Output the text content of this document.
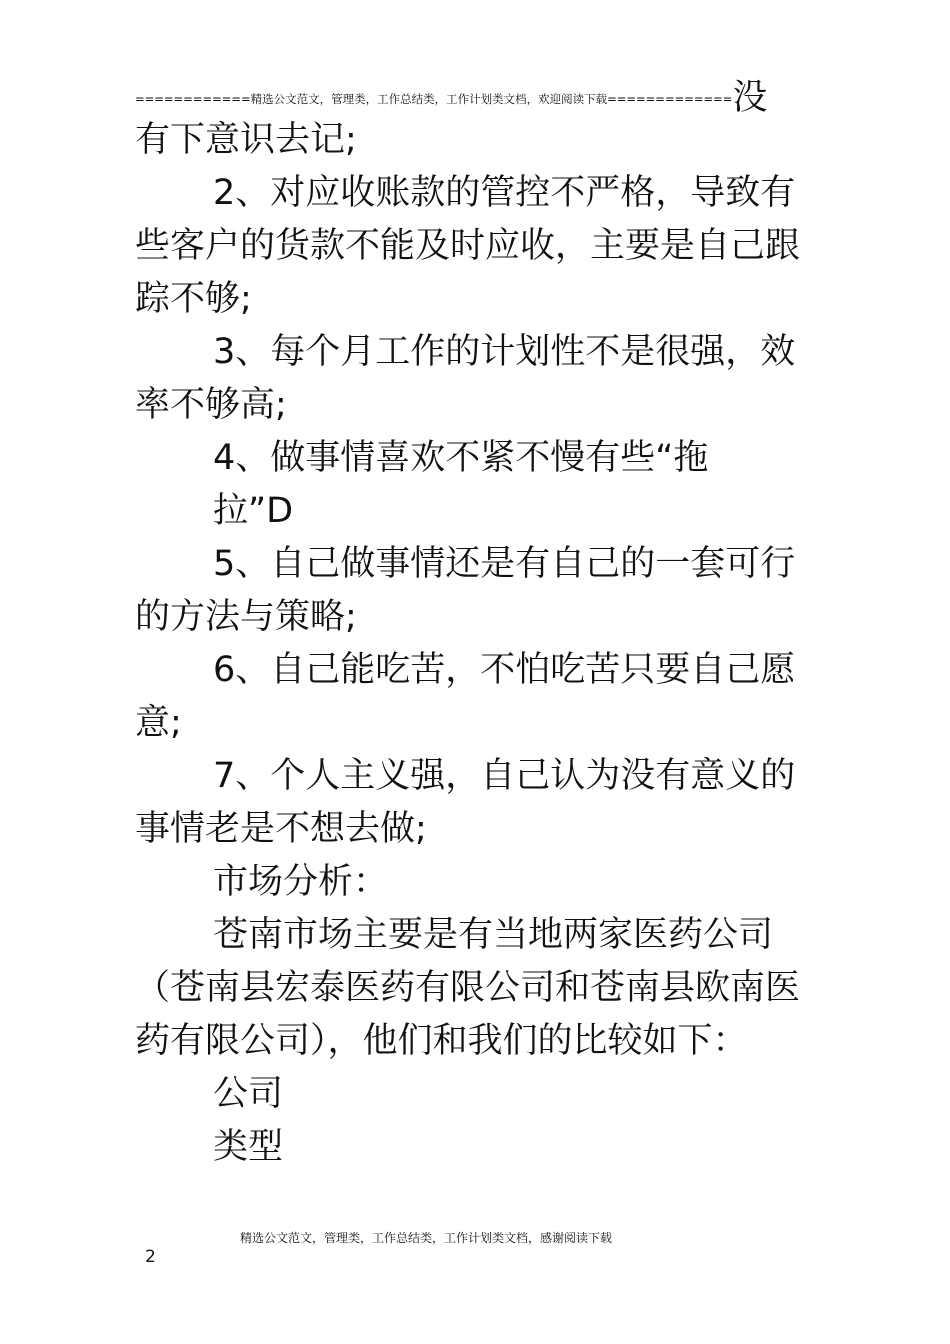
$^{============精选公文范文,管理类,工作总结类,工作计划类文档,欢迎阅读下载=============}$没

有下意识去记;

2、对应收账款的管控不严格，导致有些客户的货款不能及时应收，主要是自己跟踪不够;

3、每个月工作的计划性不是很强，效率不够高;

4、做事情喜欢不紧不慢有些“拖

拉”D

5、自己做事情还是有自己的一套可行的方法与策略;

6、自己能吃苦，不怕吃苦只要自己愿意;

7、个人主义强，自己认为没有意义的事情老是不想去做;

市场分析：

苍南市场主要是有当地两家医药公司（苍南县宏泰医药有限公司和苍南县欧南医药有限公司），他们和我们的比较如下：

公司

类型

精选公文范文，管理类，工作总结类，工作计划类文档，感谢阅读下载
2
